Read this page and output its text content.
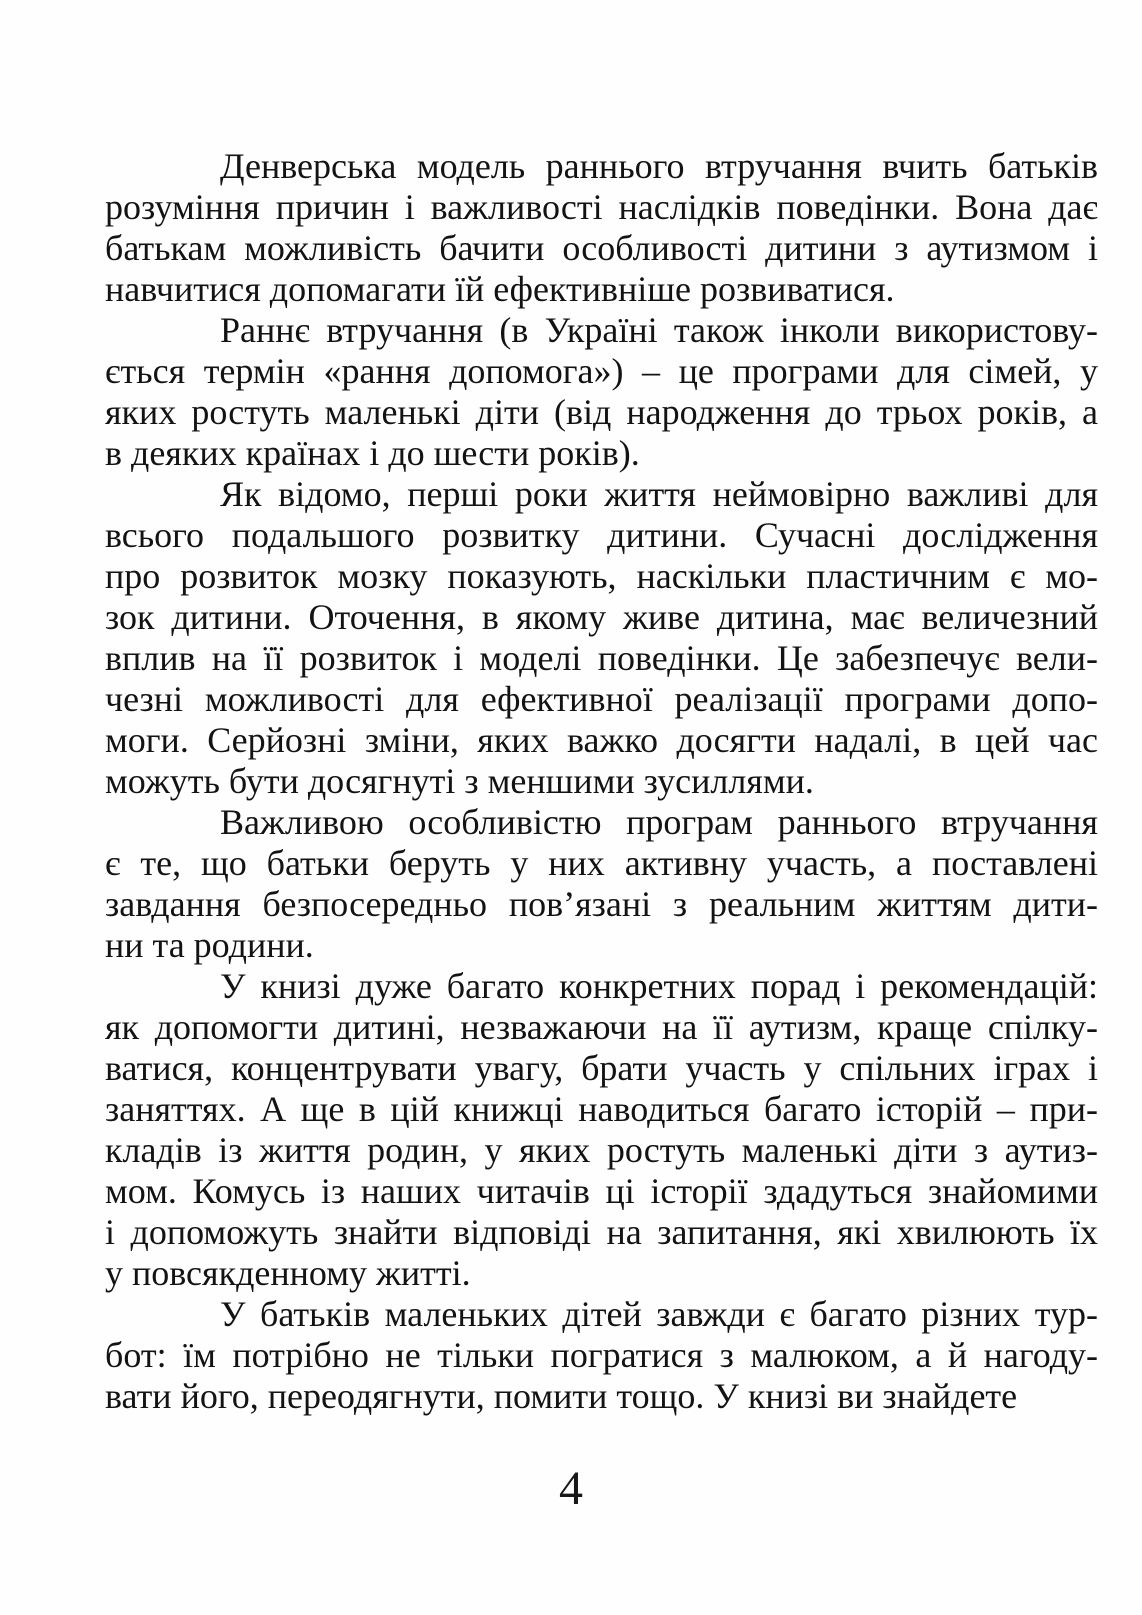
Денверська модель раннього втручання вчить батьків
розуміння причин і важливості наслідків поведінки. Вона дає
батькам можливість бачити особливості дитини з аутизмом і
навчитися допомагати їй ефективніше розвиватися.
Раннє втручання (в Україні також інколи використову-
ється термін «рання допомога») – це програми для сімей, у
яких ростуть маленькі діти (від народження до трьох років, а
в деяких країнах і до шести років).
Як відомо, перші роки життя неймовірно важливі для
всього подальшого розвитку дитини. Сучасні дослідження
про розвиток мозку показують, наскільки пластичним є мо-
зок дитини. Оточення, в якому живе дитина, має величезний
вплив на її розвиток і моделі поведінки. Це забезпечує вели-
чезні можливості для ефективної реалізації програми допо-
моги. Серйозні зміни, яких важко досягти надалі, в цей час
можуть бути досягнуті з меншими зусиллями.
Важливою особливістю програм раннього втручання
є те, що батьки беруть у них активну участь, а поставлені
завдання безпосередньо пов’язані з реальним життям дити-
ни та родини.
У книзі дуже багато конкретних порад і рекомендацій:
як допомогти дитині, незважаючи на її аутизм, краще спілку-
ватися, концентрувати увагу, брати участь у спільних іграх і
заняттях. А ще в цій книжці наводиться багато історій – при-
кладів із життя родин, у яких ростуть маленькі діти з аутиз-
мом. Комусь із наших читачів ці історії здадуться знайомими
і допоможуть знайти відповіді на запитання, які хвилюють їх
у повсякденному житті.
У батьків маленьких дітей завжди є багато різних тур-
бот: їм потрібно не тільки погратися з малюком, а й нагоду-
вати його, переодягнути, помити тощо. У книзі ви знайдете
4
